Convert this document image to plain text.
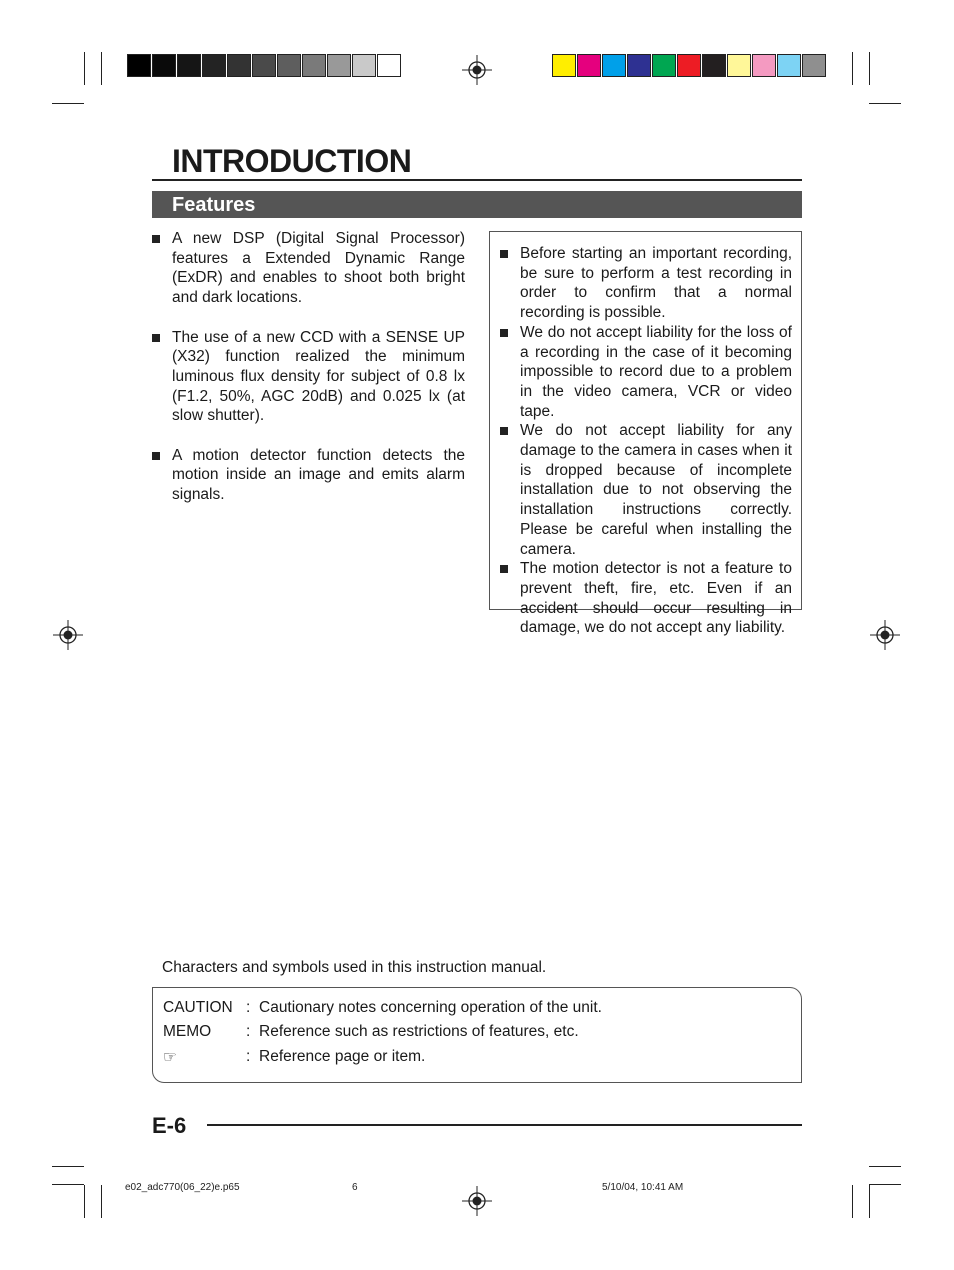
INTRODUCTION
Features
A new DSP (Digital Signal Processor) features a Extended Dynamic Range (ExDR) and enables to shoot both bright and dark locations.
The use of a new CCD with a SENSE UP (X32) function realized the minimum luminous flux density for subject of 0.8 lx (F1.2, 50%, AGC 20dB) and 0.025 lx (at slow shutter).
A motion detector function detects the motion inside an image and emits alarm signals.
Before starting an important recording, be sure to perform a test recording in order to confirm that a normal recording is possible.
We do not accept liability for the loss of a recording in the case of it becoming impossible to record due to a problem in the video camera, VCR or video tape.
We do not accept liability for any damage to the camera in cases when it is dropped because of incomplete installation due to not observing the installation instructions correctly. Please be careful when installing the camera.
The motion detector is not a feature to prevent theft, fire, etc. Even if an accident should occur resulting in damage, we do not accept any liability.
Characters and symbols used in this instruction manual.
CAUTION : Cautionary notes concerning operation of the unit.
MEMO	: Reference such as restrictions of features, etc.
☞	: Reference page or item.
E-6
e02_adc770(06_22)e.p65	6	5/10/04, 10:41 AM
